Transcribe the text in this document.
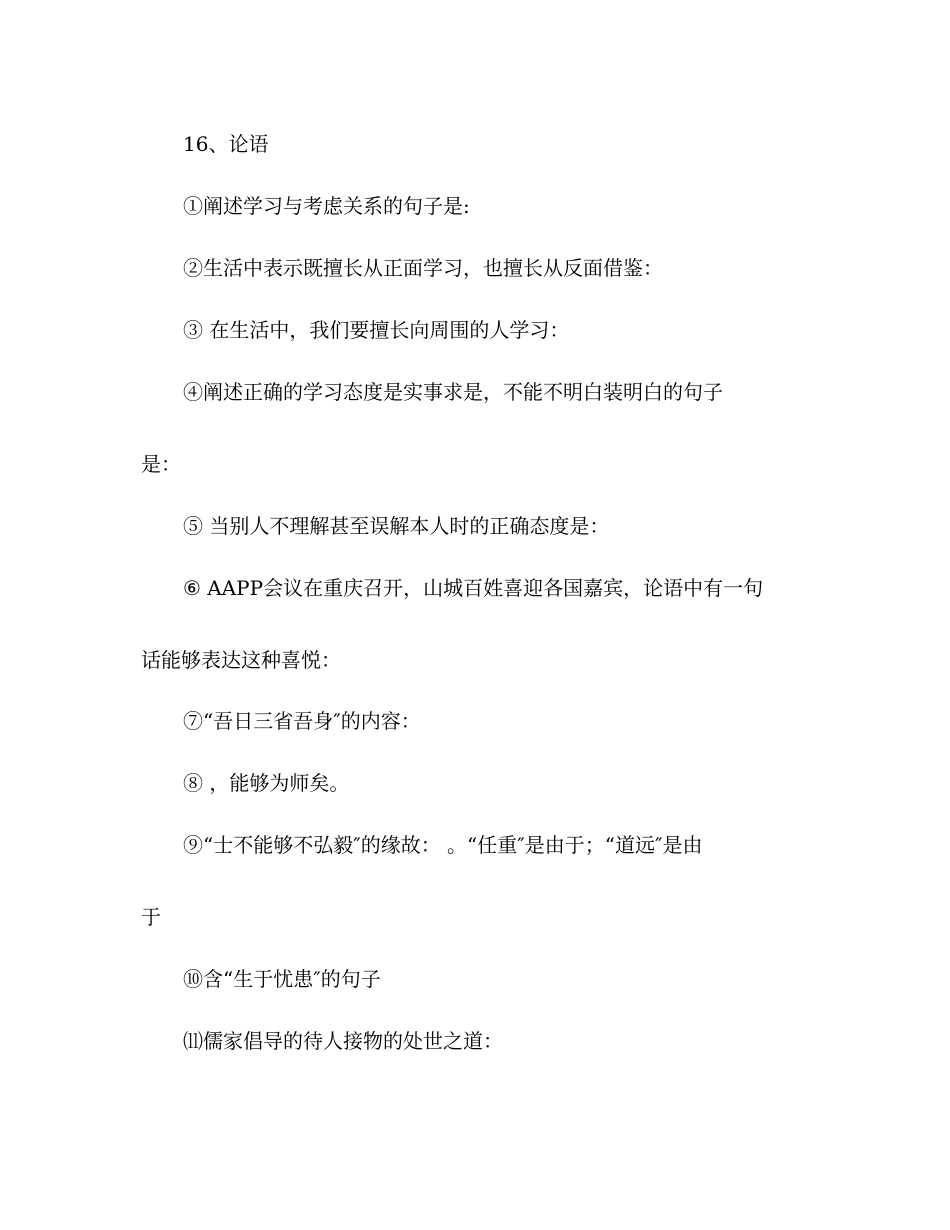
16、论语
①阐述学习与考虑关系的句子是:
②生活中表示既擅长从正面学习，也擅长从反面借鉴：
③ 在生活中，我们要擅长向周围的人学习：
④阐述正确的学习态度是实事求是，不能不明白装明白的句子
是：
⑤ 当别人不理解甚至误解本人时的正确态度是：
⑥ AAPP会议在重庆召开，山城百姓喜迎各国嘉宾，论语中有一句
话能够表达这种喜悦：
⑦“吾日三省吾身″的内容：
⑧ ，能够为师矣。
⑨“士不能够不弘毅″的缘故： 。“任重″是由于；“道远″是由
于
⑩含“生于忧患″的句子
⑾儒家倡导的待人接物的处世之道：
